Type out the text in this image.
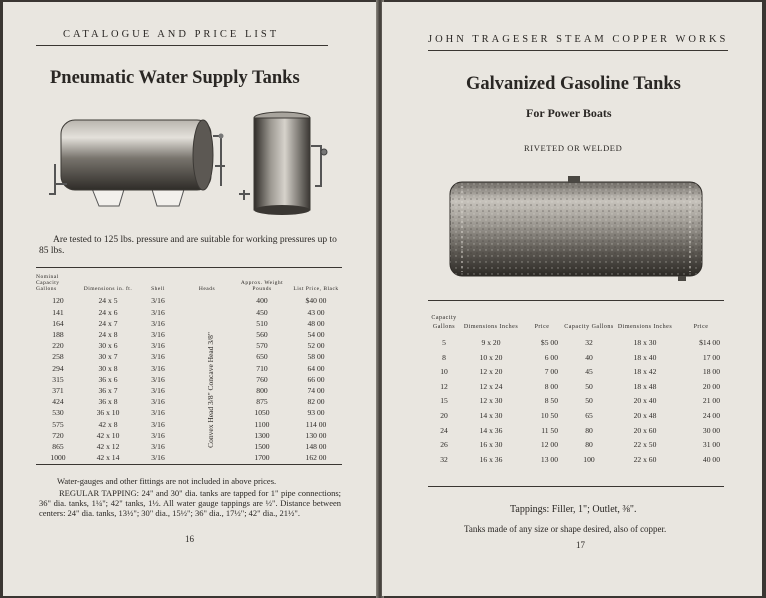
CATALOGUE AND PRICE LIST
Pneumatic Water Supply Tanks
Are tested to 125 lbs. pressure and are suitable for working pressures up to 85 lbs.
Nominal Capacity Gallons	Dimensions in. ft.	Shell	Heads	Approx. Weight Pounds	List Price, Black
120	24 x 5	3/16		400	$40 00
141	24 x 6	3/16		450	43 00
164	24 x 7	3/16		510	48 00
188	24 x 8	3/16		560	54 00
220	30 x 6	3/16		570	52 00
258	30 x 7	3/16		650	58 00
294	30 x 8	3/16		710	64 00
315	36 x 6	3/16		760	66 00
371	36 x 7	3/16		800	74 00
424	36 x 8	3/16		875	82 00
530	36 x 10	3/16		1050	93 00
575	42 x 8	3/16		1100	114 00
720	42 x 10	3/16		1300	130 00
865	42 x 12	3/16		1500	148 00
1000	42 x 14	3/16		1700	162 00
Convex Head 3/8" Concave Head 3/8"
Water-gauges and other fittings are not included in above prices.
REGULAR TAPPING: 24" and 30" dia. tanks are tapped for 1" pipe connections; 36" dia. tanks, 1¼"; 42" tanks, 1½. All water gauge tappings are ½". Distance between centers: 24" dia. tanks, 13½"; 30" dia., 15½"; 36" dia., 17½"; 42" dia., 21½".
16
JOHN TRAGESER STEAM COPPER WORKS
Galvanized Gasoline Tanks
For Power Boats
RIVETED OR WELDED
Capacity Gallons	Dimensions Inches	Price	Capacity Gallons	Dimensions Inches	Price
5	9 x 20	$5 00	32	18 x 30	$14 00
8	10 x 20	6 00	40	18 x 40	17 00
10	12 x 20	7 00	45	18 x 42	18 00
12	12 x 24	8 00	50	18 x 48	20 00
15	12 x 30	8 50	50	20 x 40	21 00
20	14 x 30	10 50	65	20 x 48	24 00
24	14 x 36	11 50	80	20 x 60	30 00
26	16 x 30	12 00	80	22 x 50	31 00
32	16 x 36	13 00	100	22 x 60	40 00
Tappings: Filler, 1"; Outlet, ⅜".
Tanks made of any size or shape desired, also of copper.
17
